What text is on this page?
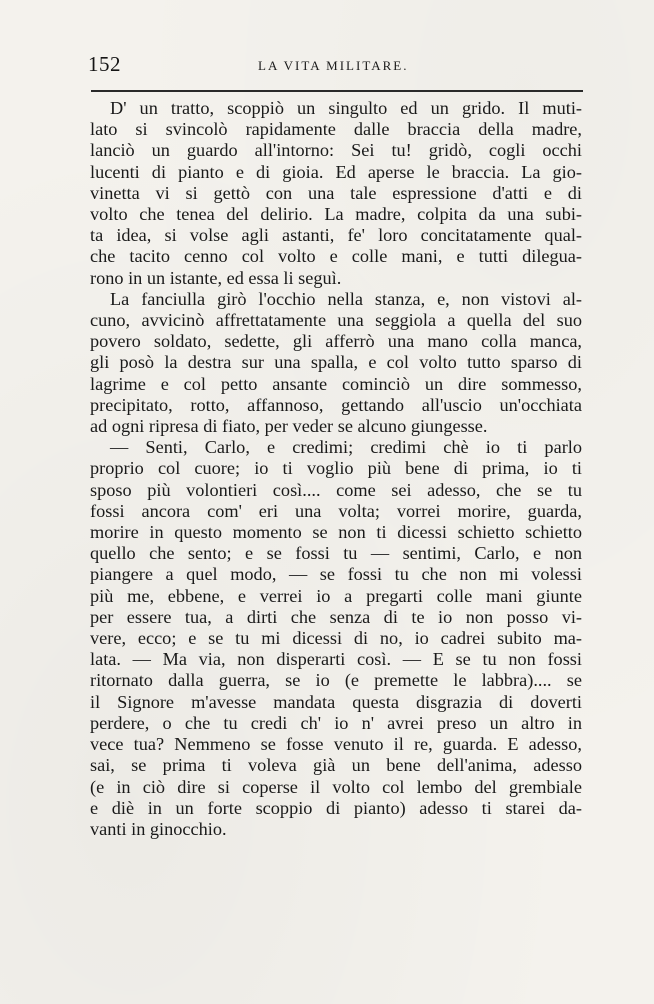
152	LA VITA MILITARE.
D' un tratto, scoppiò un singulto ed un grido. Il muti-
lato si svincolò rapidamente dalle braccia della madre,
lanciò un guardo all'intorno: Sei tu! gridò, cogli occhi
lucenti di pianto e di gioia. Ed aperse le braccia. La gio-
vinetta vi si gettò con una tale espressione d'atti e di
volto che tenea del delirio. La madre, colpita da una subi-
ta idea, si volse agli astanti, fe' loro concitatamente qual-
che tacito cenno col volto e colle mani, e tutti dilegua-
rono in un istante, ed essa li seguì.
La fanciulla girò l'occhio nella stanza, e, non vistovi al-
cuno, avvicinò affrettatamente una seggiola a quella del suo
povero soldato, sedette, gli afferrò una mano colla manca,
gli posò la destra sur una spalla, e col volto tutto sparso di
lagrime e col petto ansante cominciò un dire sommesso,
precipitato, rotto, affannoso, gettando all'uscio un'occhiata
ad ogni ripresa di fiato, per veder se alcuno giungesse.
— Senti, Carlo, e credimi; credimi chè io ti parlo
proprio col cuore; io ti voglio più bene di prima, io ti
sposo più volontieri così.... come sei adesso, che se tu
fossi ancora com' eri una volta; vorrei morire, guarda,
morire in questo momento se non ti dicessi schietto schietto
quello che sento; e se fossi tu — sentimi, Carlo, e non
piangere a quel modo, — se fossi tu che non mi volessi
più me, ebbene, e verrei io a pregarti colle mani giunte
per essere tua, a dirti che senza di te io non posso vi-
vere, ecco; e se tu mi dicessi di no, io cadrei subito ma-
lata. — Ma via, non disperarti così. — E se tu non fossi
ritornato dalla guerra, se io (e premette le labbra).... se
il Signore m'avesse mandata questa disgrazia di doverti
perdere, o che tu credi ch' io n' avrei preso un altro in
vece tua? Nemmeno se fosse venuto il re, guarda. E adesso,
sai, se prima ti voleva già un bene dell'anima, adesso
(e in ciò dire si coperse il volto col lembo del grembiale
e diè in un forte scoppio di pianto) adesso ti starei da-
vanti in ginocchio.
